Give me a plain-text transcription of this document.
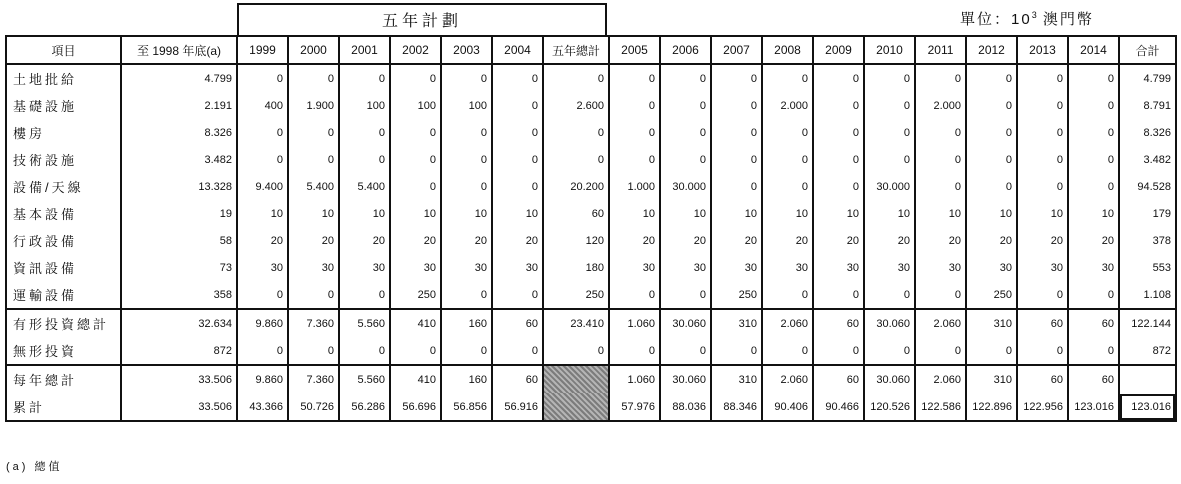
五年計劃	單位：$10^3$ 澳門幣
項目	至 1998 年底(a)	1999	2000	2001	2002	2003	2004	五年總計	2005	2006	2007	2008	2009	2010	2011	2012	2013	2014	合計
土地批給	4.799	0	0	0	0	0	0	0	0	0	0	0	0	0	0	0	0	0	4.799
基礎設施	2.191	400	1.900	100	100	100	0	2.600	0	0	0	2.000	0	0	2.000	0	0	0	8.791
樓房	8.326	0	0	0	0	0	0	0	0	0	0	0	0	0	0	0	0	0	8.326
技術設施	3.482	0	0	0	0	0	0	0	0	0	0	0	0	0	0	0	0	0	3.482
設備/天線	13.328	9.400	5.400	5.400	0	0	0	20.200	1.000	30.000	0	0	0	30.000	0	0	0	0	94.528
基本設備	19	10	10	10	10	10	10	60	10	10	10	10	10	10	10	10	10	10	179
行政設備	58	20	20	20	20	20	20	120	20	20	20	20	20	20	20	20	20	20	378
資訊設備	73	30	30	30	30	30	30	180	30	30	30	30	30	30	30	30	30	30	553
運輸設備	358	0	0	0	250	0	0	250	0	0	250	0	0	0	0	250	0	0	1.108
有形投資總計	32.634	9.860	7.360	5.560	410	160	60	23.410	1.060	30.060	310	2.060	60	30.060	2.060	310	60	60	122.144
無形投資	872	0	0	0	0	0	0	0	0	0	0	0	0	0	0	0	0	0	872
每年總計	33.506	9.860	7.360	5.560	410	160	60		1.060	30.060	310	2.060	60	30.060	2.060	310	60	60	
累計	33.506	43.366	50.726	56.286	56.696	56.856	56.916		57.976	88.036	88.346	90.406	90.466	120.526	122.586	122.896	122.956	123.016	123.016
(a) 總值
